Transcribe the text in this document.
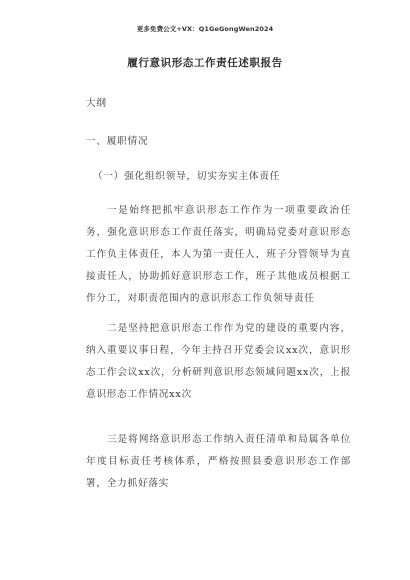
更多免费公文+VX：Q1GeGongWen2024
履行意识形态工作责任述职报告
大纲
一、履职情况
（一）强化组织领导，切实夯实主体责任

一是始终把抓牢意识形态工作作为一项重要政治任务，强化意识形态工作责任落实，明确局党委对意识形态工作负主体责任，本人为第一责任人，班子分管领导为直接责任人，协助抓好意识形态工作，班子其他成员根据工作分工，对职责范围内的意识形态工作负领导责任

二是坚持把意识形态工作作为党的建设的重要内容，纳入重要议事日程，今年主持召开党委会议xx次，意识形态工作会议xx次，分析研判意识形态领域问题xx次，上报意识形态工作情况xx次

三是将网络意识形态工作纳入责任清单和局属各单位年度目标责任考核体系，严格按照县委意识形态工作部署，全力抓好落实
